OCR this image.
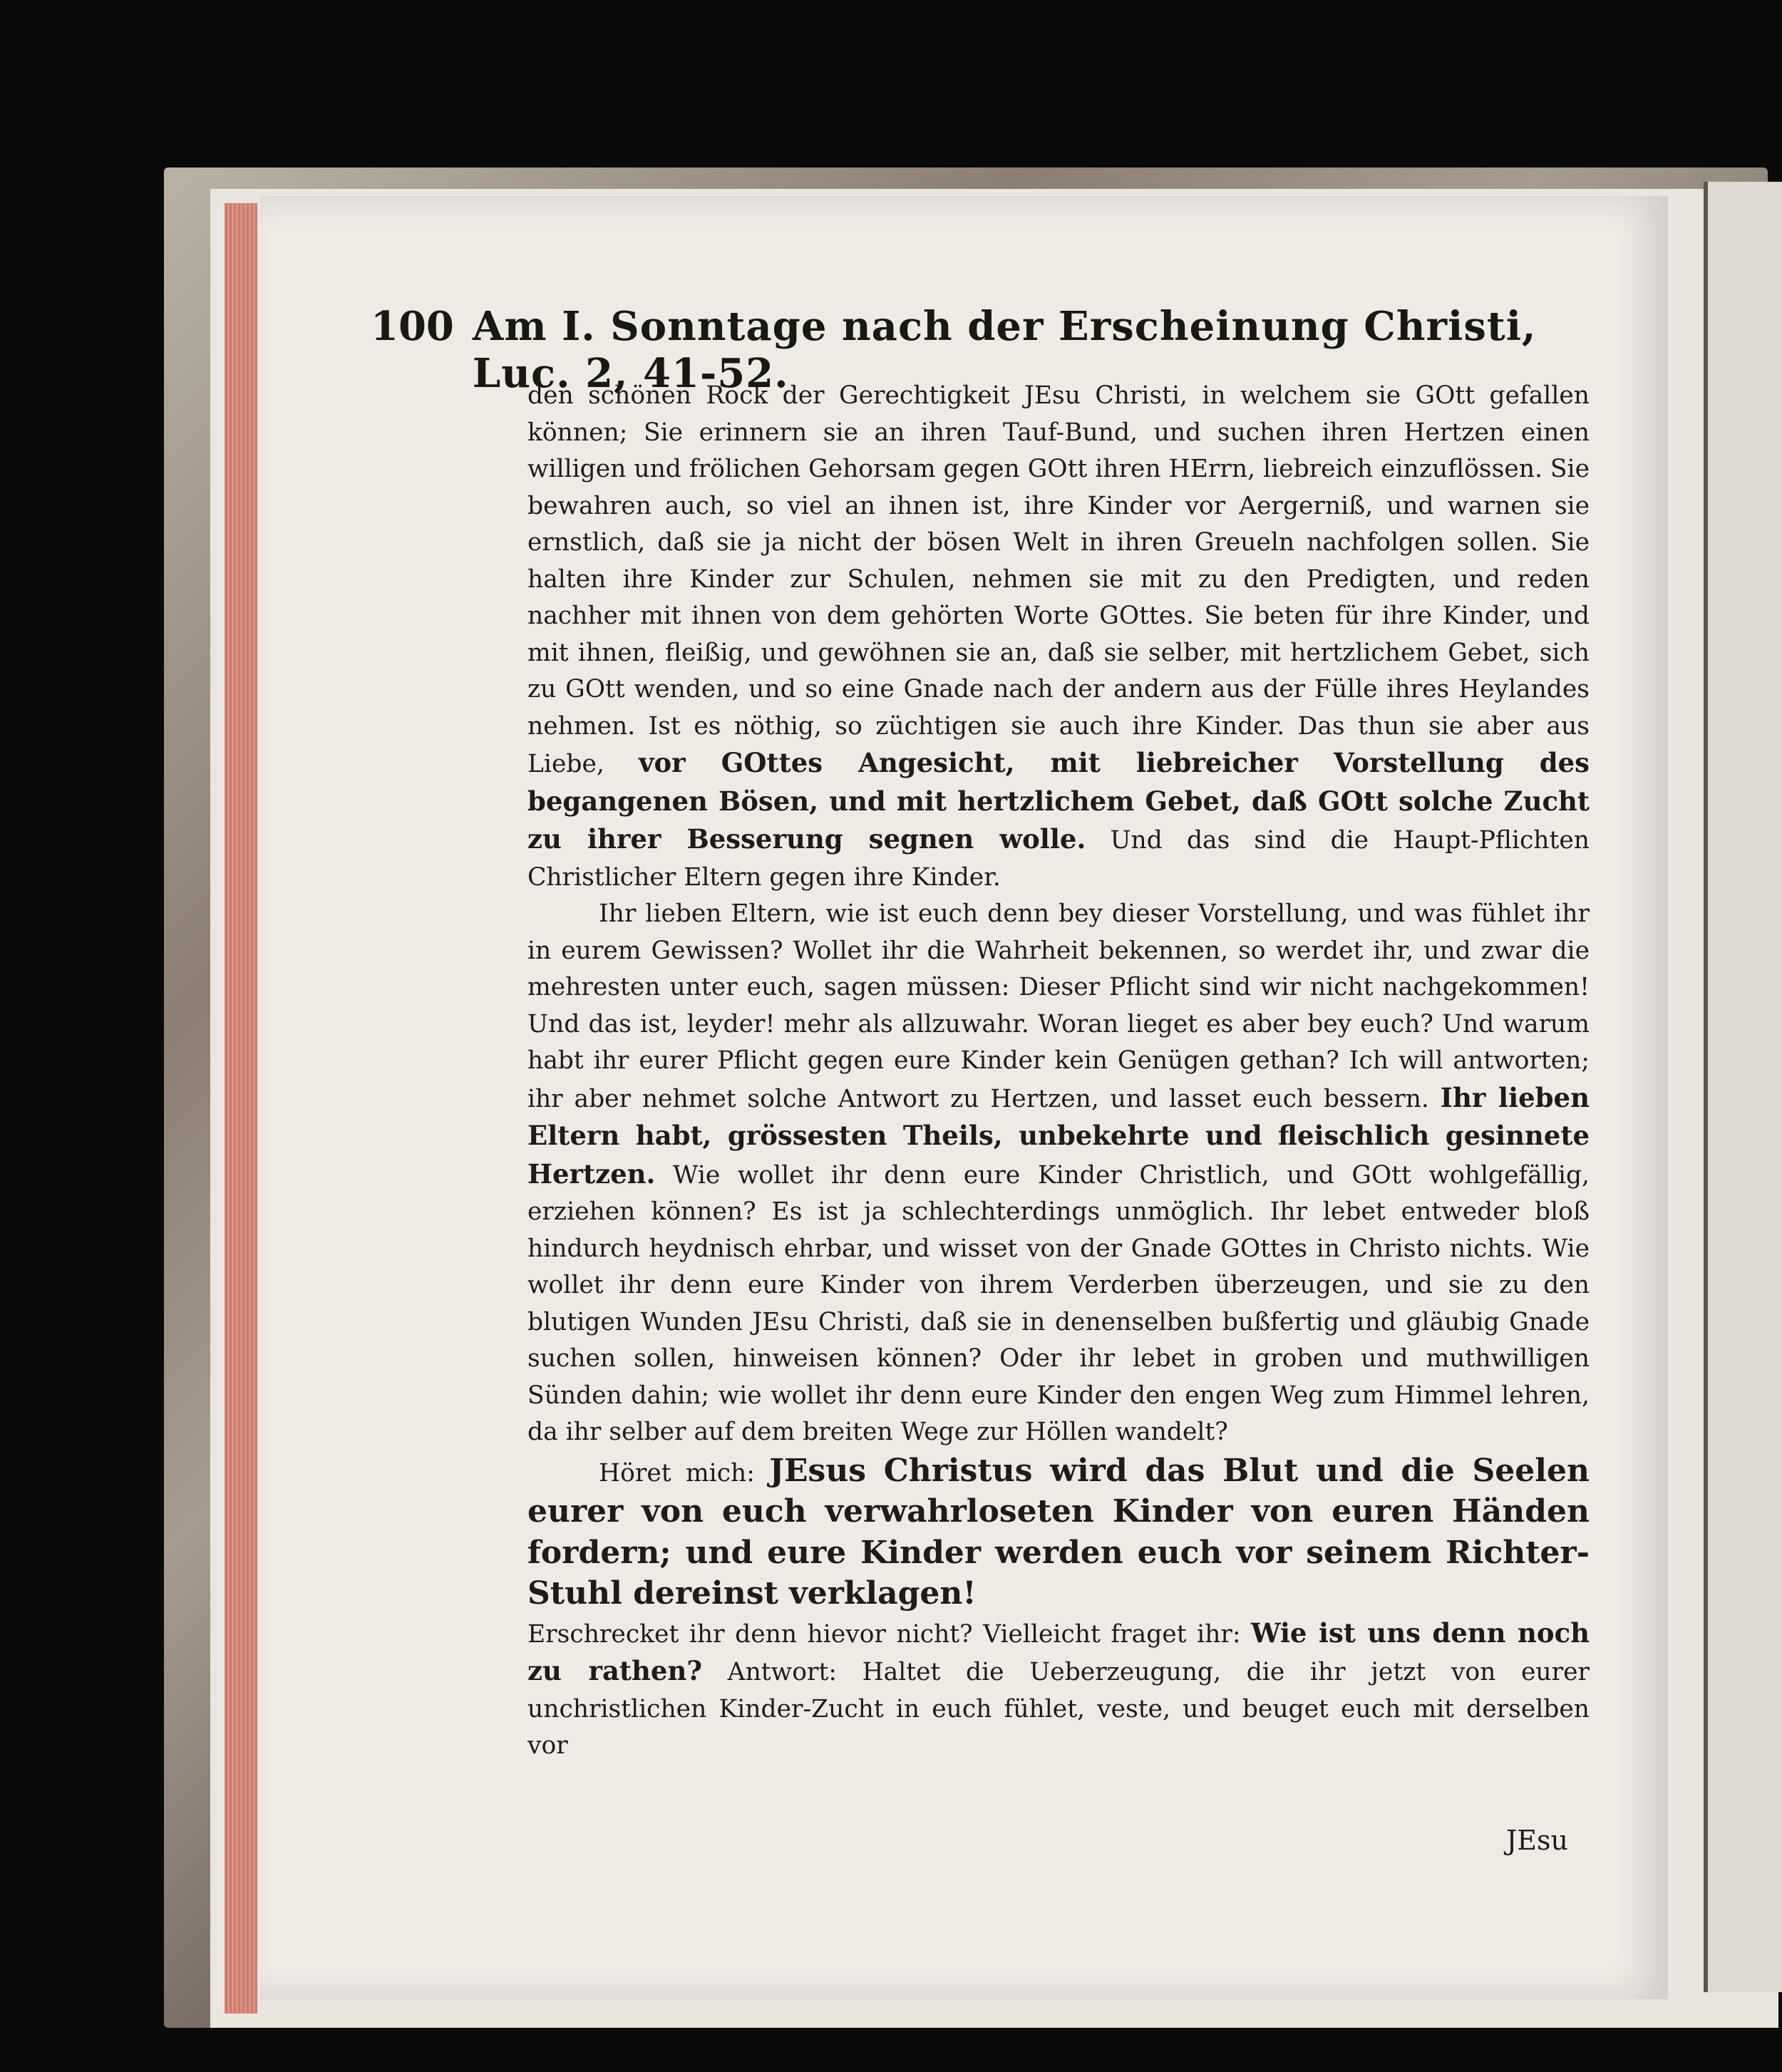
100 Am I. Sonntage nach der Erscheinung Christi, Luc. 2, 41-52.

den schönen Rock der Gerechtigkeit JEsu Christi, in welchem sie GOtt gefallen können; Sie erinnern sie an ihren Tauf-Bund, und suchen ihren Hertzen einen willigen und frölichen Gehorsam gegen GOtt ihren HErrn, liebreich einzuflössen. Sie bewahren auch, so viel an ihnen ist, ihre Kinder vor Aergerniß, und warnen sie ernstlich, daß sie ja nicht der bösen Welt in ihren Greueln nachfolgen sollen. Sie halten ihre Kinder zur Schulen, nehmen sie mit zu den Predigten, und reden nachher mit ihnen von dem gehörten Worte GOttes. Sie beten für ihre Kinder, und mit ihnen, fleißig, und gewöhnen sie an, daß sie selber, mit hertzlichem Gebet, sich zu GOtt wenden, und so eine Gnade nach der andern aus der Fülle ihres Heylandes nehmen. Ist es nöthig, so züchtigen sie auch ihre Kinder. Das thun sie aber aus Liebe, vor GOttes Angesicht, mit liebreicher Vorstellung des begangenen Bösen, und mit hertzlichem Gebet, daß GOtt solche Zucht zu ihrer Besserung segnen wolle. Und das sind die Haupt-Pflichten Christlicher Eltern gegen ihre Kinder.

Ihr lieben Eltern, wie ist euch denn bey dieser Vorstellung, und was fühlet ihr in eurem Gewissen? Wollet ihr die Wahrheit bekennen, so werdet ihr, und zwar die mehresten unter euch, sagen müssen: Dieser Pflicht sind wir nicht nachgekommen! Und das ist, leyder! mehr als allzuwahr. Woran lieget es aber bey euch? Und warum habt ihr eurer Pflicht gegen eure Kinder kein Genügen gethan? Ich will antworten; ihr aber nehmet solche Antwort zu Hertzen, und lasset euch bessern. Ihr lieben Eltern habt, grössesten Theils, unbekehrte und fleischlich gesinnete Hertzen. Wie wollet ihr denn eure Kinder Christlich, und GOtt wohlgefällig, erziehen können? Es ist ja schlechterdings unmöglich. Ihr lebet entweder bloß hindurch heydnisch ehrbar, und wisset von der Gnade GOttes in Christo nichts. Wie wollet ihr denn eure Kinder von ihrem Verderben überzeugen, und sie zu den blutigen Wunden JEsu Christi, daß sie in denenselben bußfertig und gläubig Gnade suchen sollen, hinweisen können? Oder ihr lebet in groben und muthwilligen Sünden dahin; wie wollet ihr denn eure Kinder den engen Weg zum Himmel lehren, da ihr selber auf dem breiten Wege zur Höllen wandelt?

Höret mich: JEsus Christus wird das Blut und die Seelen eurer von euch verwahrloseten Kinder von euren Händen fordern; und eure Kinder werden euch vor seinem Richter-Stuhl dereinst verklagen!

Erschrecket ihr denn hievor nicht? Vielleicht fraget ihr: Wie ist uns denn noch zu rathen? Antwort: Haltet die Ueberzeugung, die ihr jetzt von eurer unchristlichen Kinder-Zucht in euch fühlet, veste, und beuget euch mit derselben vor

JEsu
